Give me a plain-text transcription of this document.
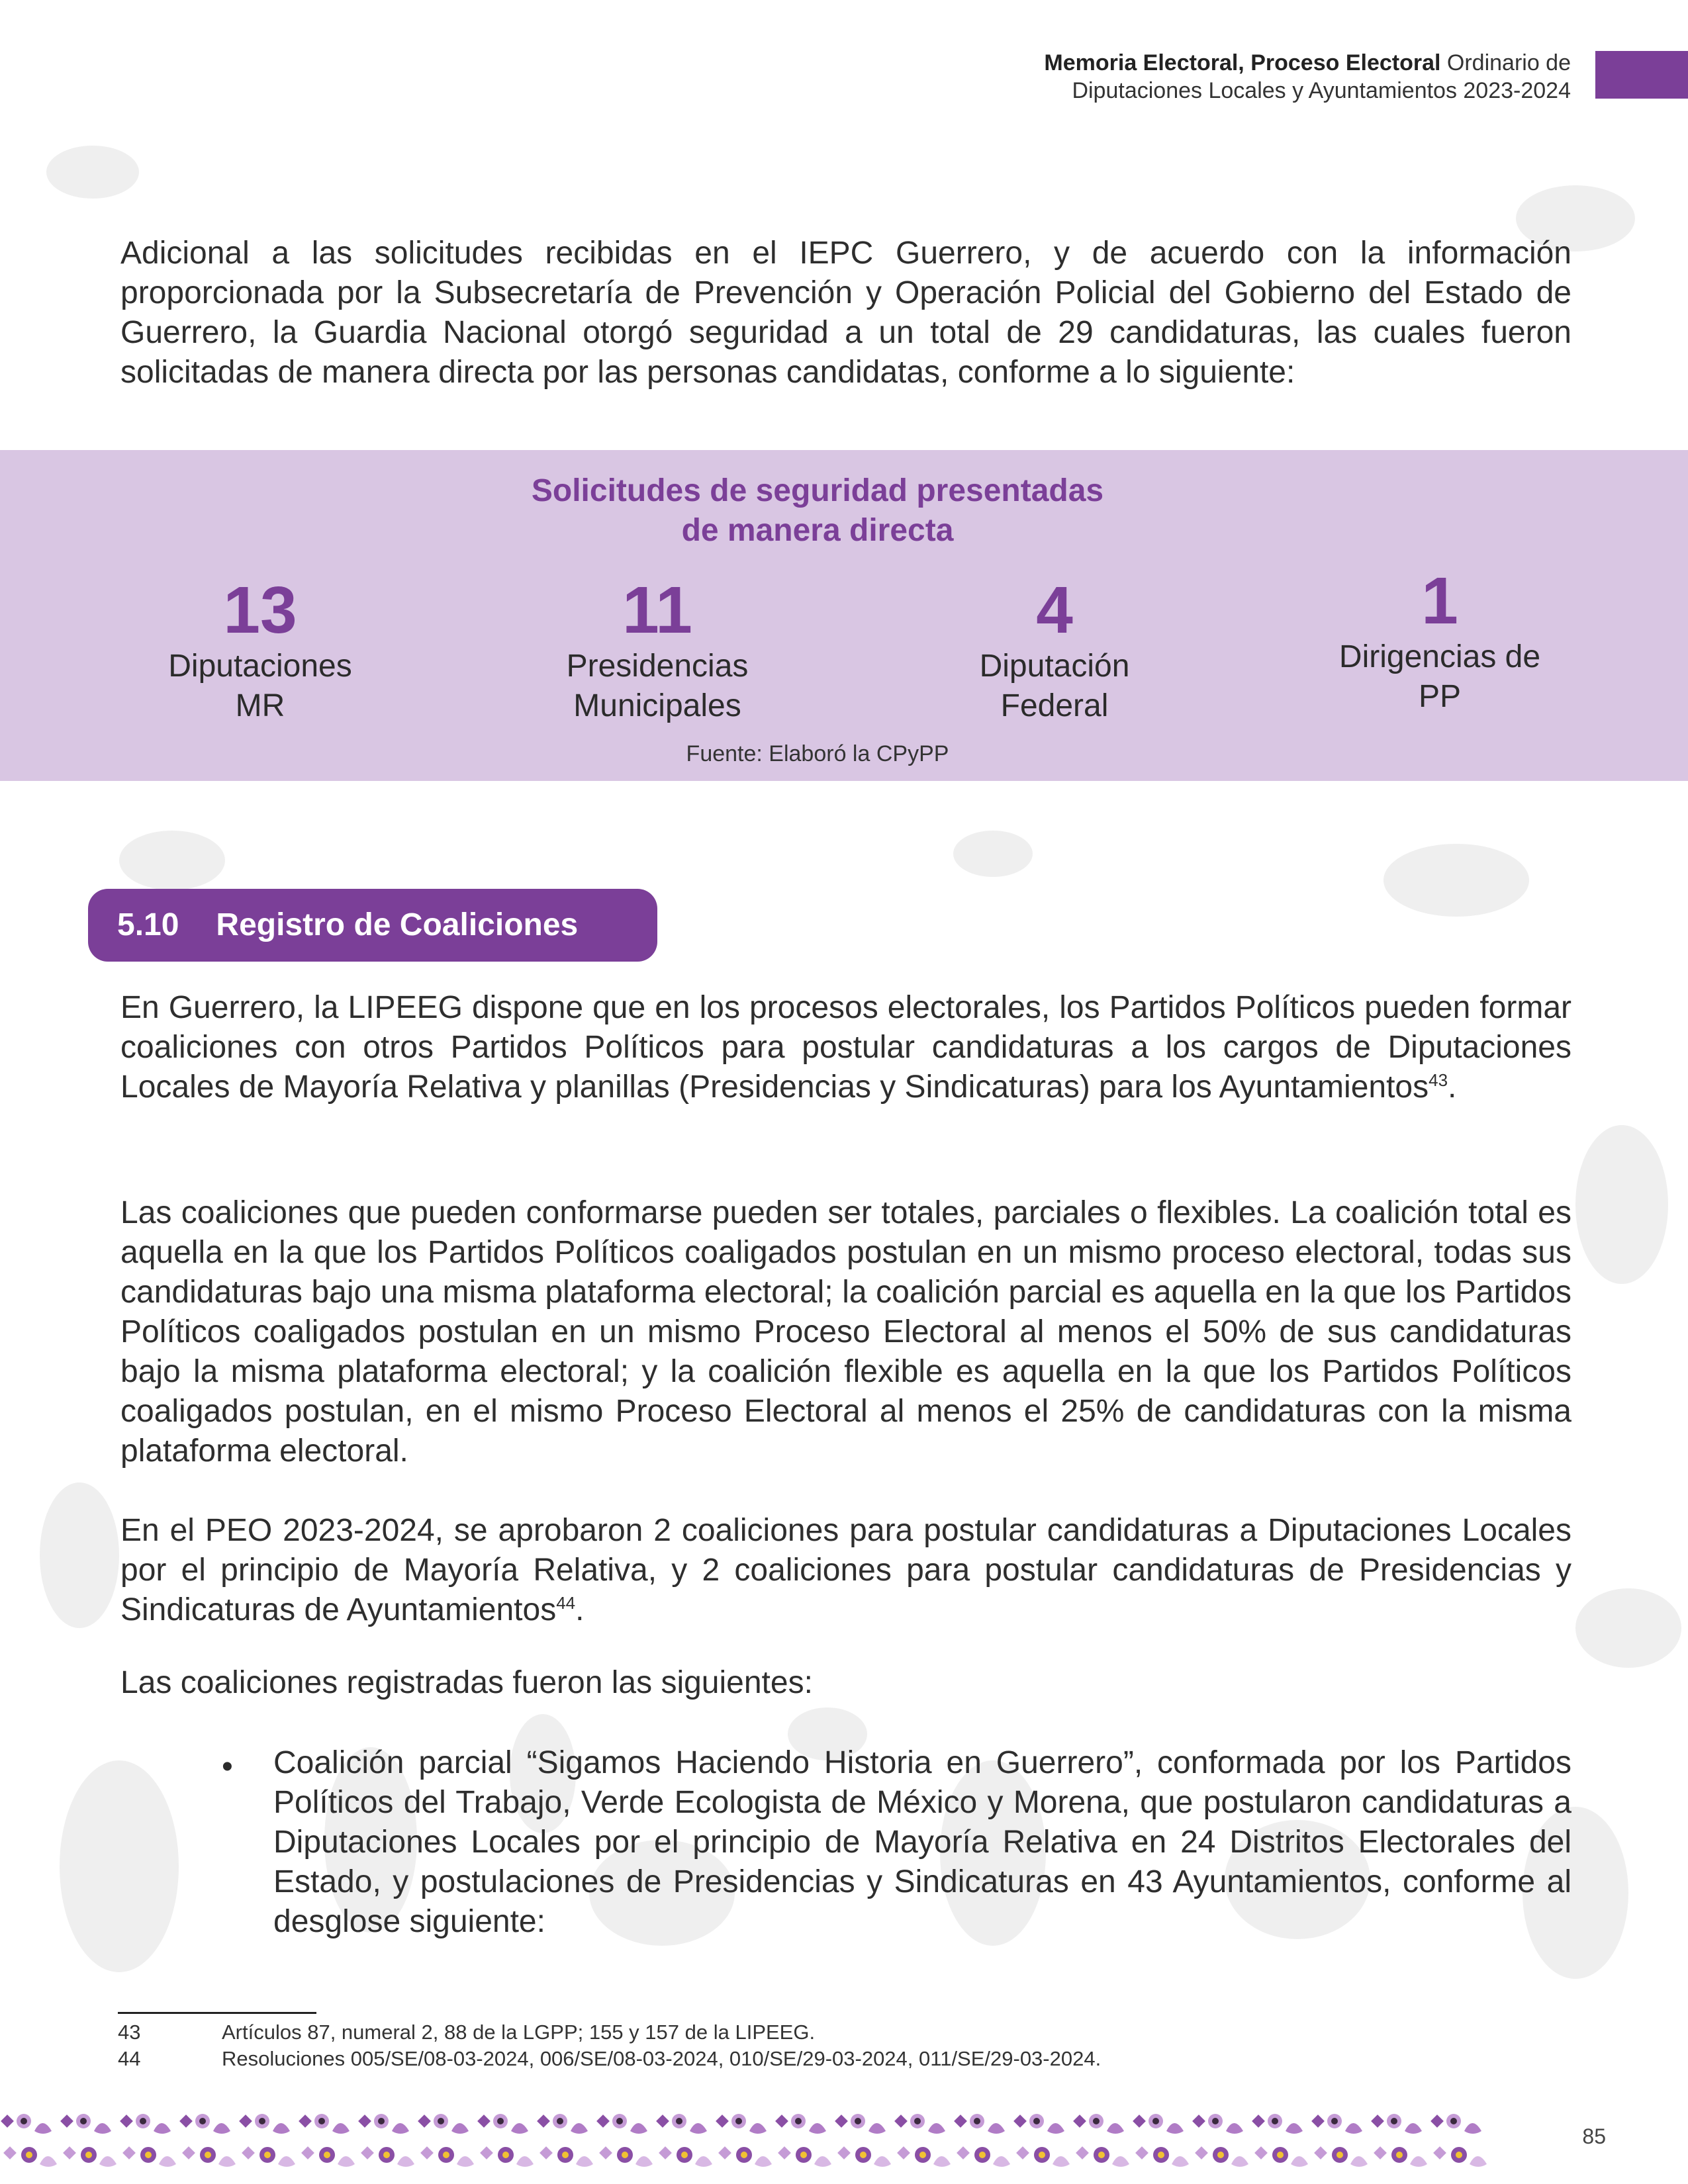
Memoria Electoral, Proceso Electoral Ordinario de
Diputaciones Locales y Ayuntamientos 2023-2024

Adicional a las solicitudes recibidas en el IEPC Guerrero, y de acuerdo con la información proporcionada por la Subsecretaría de Prevención y Operación Policial del Gobierno del Estado de Guerrero, la Guardia Nacional otorgó seguridad a un total de 29 candidaturas, las cuales fueron solicitadas de manera directa por las personas candidatas, conforme a lo siguiente:

Solicitudes de seguridad presentadas
de manera directa
13
Diputaciones
MR
11
Presidencias
Municipales
4
Diputación
Federal
1
Dirigencias de
PP
Fuente: Elaboró la CPyPP
5.10 Registro de Coaliciones

En Guerrero, la LIPEEG dispone que en los procesos electorales, los Partidos Políticos pueden formar coaliciones con otros Partidos Políticos para postular candidaturas a los cargos de Diputaciones Locales de Mayoría Relativa y planillas (Presidencias y Sindicaturas) para los Ayuntamientos$^{43}$.

Las coaliciones que pueden conformarse pueden ser totales, parciales o flexibles. La coalición total es aquella en la que los Partidos Políticos coaligados postulan en un mismo proceso electoral, todas sus candidaturas bajo una misma plataforma electoral; la coalición parcial es aquella en la que los Partidos Políticos coaligados postulan en un mismo Proceso Electoral al menos el 50% de sus candidaturas bajo la misma plataforma electoral; y la coalición flexible es aquella en la que los Partidos Políticos coaligados postulan, en el mismo Proceso Electoral al menos el 25% de candidaturas con la misma plataforma electoral.

En el PEO 2023-2024, se aprobaron 2 coaliciones para postular candidaturas a Diputaciones Locales por el principio de Mayoría Relativa, y 2 coaliciones para postular candidaturas de Presidencias y Sindicaturas de Ayuntamientos$^{44}$.

Las coaliciones registradas fueron las siguientes:

• Coalición parcial “Sigamos Haciendo Historia en Guerrero”, conformada por los Partidos Políticos del Trabajo, Verde Ecologista de México y Morena, que postularon candidaturas a Diputaciones Locales por el principio de Mayoría Relativa en 24 Distritos Electorales del Estado, y postulaciones de Presidencias y Sindicaturas en 43 Ayuntamientos, conforme al desglose siguiente:
43	Artículos 87, numeral 2, 88 de la LGPP; 155 y 157 de la LIPEEG.
44	Resoluciones 005/SE/08-03-2024, 006/SE/08-03-2024, 010/SE/29-03-2024, 011/SE/29-03-2024.
85
